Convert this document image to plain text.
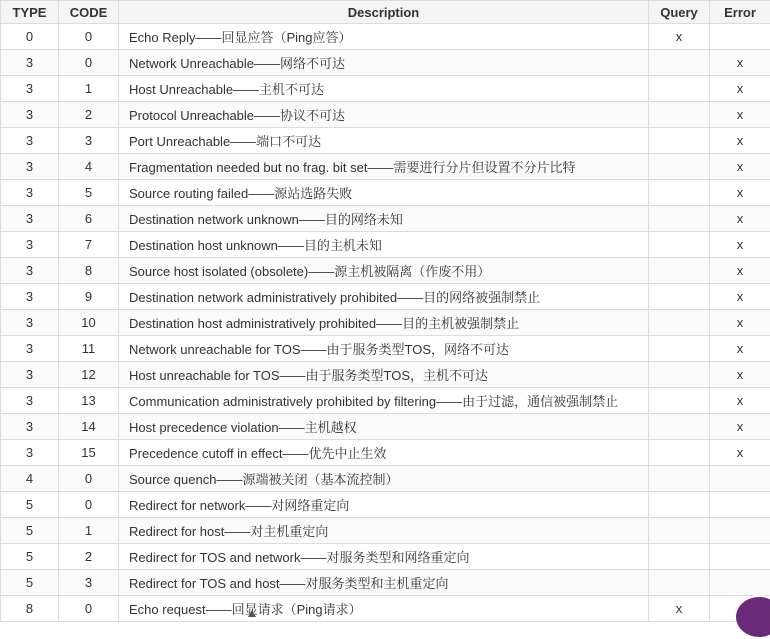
TYPE	CODE	Description	Query	Error
0	0	Echo Reply——回显应答（Ping应答）	x	
3	0	Network Unreachable——网络不可达		x
3	1	Host Unreachable——主机不可达		x
3	2	Protocol Unreachable——协议不可达		x
3	3	Port Unreachable——端口不可达		x
3	4	Fragmentation needed but no frag. bit set——需要进行分片但设置不分片比特		x
3	5	Source routing failed——源站选路失败		x
3	6	Destination network unknown——目的网络未知		x
3	7	Destination host unknown——目的主机未知		x
3	8	Source host isolated (obsolete)——源主机被隔离（作废不用）		x
3	9	Destination network administratively prohibited——目的网络被强制禁止		x
3	10	Destination host administratively prohibited——目的主机被强制禁止		x
3	11	Network unreachable for TOS——由于服务类型TOS，网络不可达		x
3	12	Host unreachable for TOS——由于服务类型TOS，主机不可达		x
3	13	Communication administratively prohibited by filtering——由于过滤，通信被强制禁止		x
3	14	Host precedence violation——主机越权		x
3	15	Precedence cutoff in effect——优先中止生效		x
4	0	Source quench——源端被关闭（基本流控制）		
5	0	Redirect for network——对网络重定向		
5	1	Redirect for host——对主机重定向		
5	2	Redirect for TOS and network——对服务类型和网络重定向		
5	3	Redirect for TOS and host——对服务类型和主机重定向		
8	0	Echo request——回显请求（Ping请求）	x	
